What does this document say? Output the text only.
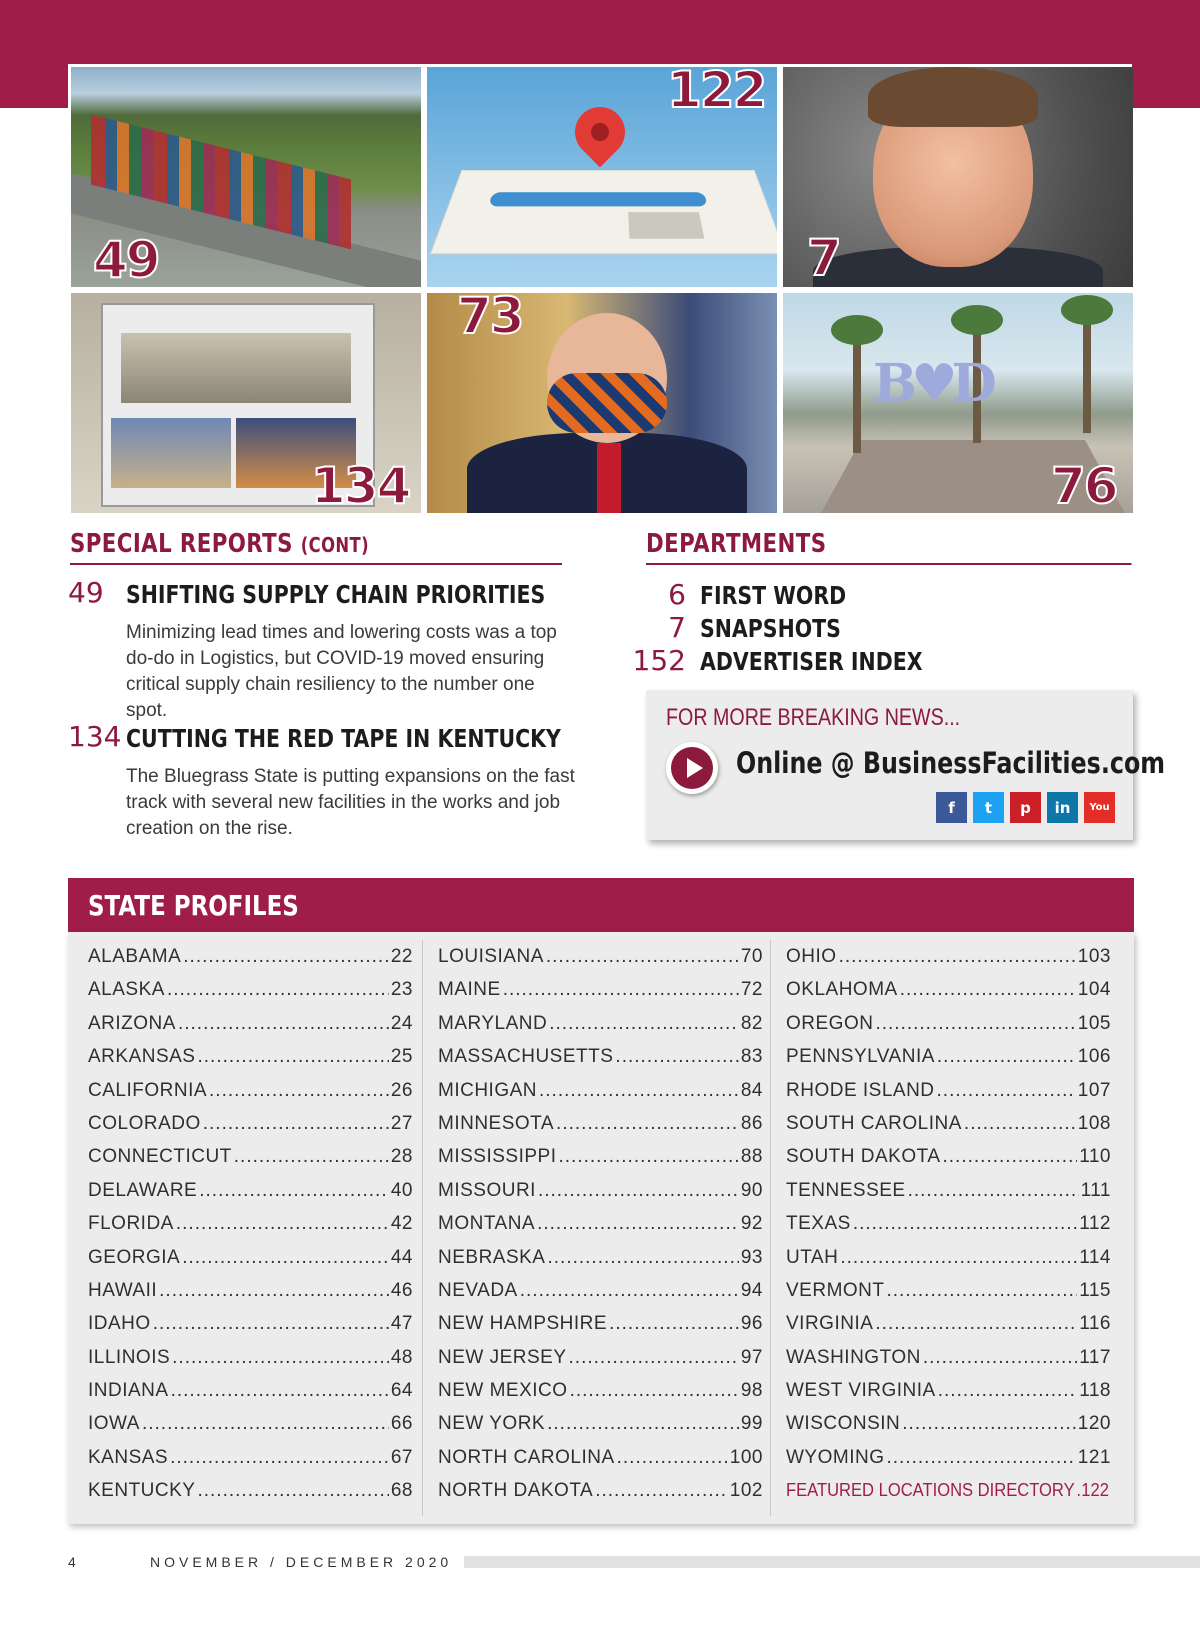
49
122
7
134
73
B♥D
76
SPECIAL REPORTS (CONT)
49 SHIFTING SUPPLY CHAIN PRIORITIES
Minimizing lead times and lowering costs was a top do-do in Logistics, but COVID-19 moved ensuring critical supply chain resiliency to the number one spot.
134 CUTTING THE RED TAPE IN KENTUCKY
The Bluegrass State is putting expansions on the fast track with several new facilities in the works and job creation on the rise.
DEPARTMENTS
6 FIRST WORD
7 SNAPSHOTS
152 ADVERTISER INDEX
FOR MORE BREAKING NEWS...
Online @ BusinessFacilities.com
f	t	p	in	You
STATE PROFILES
ALABAMA .....	22
ALASKA .....	23
ARIZONA .....	24
ARKANSAS .....	25
CALIFORNIA .....	26
COLORADO .....	27
CONNECTICUT .....	28
DELAWARE .....	40
FLORIDA .....	42
GEORGIA .....	44
HAWAII .....	46
IDAHO .....	47
ILLINOIS .....	48
INDIANA .....	64
IOWA .....	66
KANSAS .....	67
KENTUCKY .....	68
LOUISIANA .....	70
MAINE .....	72
MARYLAND .....	82
MASSACHUSETTS .....	83
MICHIGAN .....	84
MINNESOTA .....	86
MISSISSIPPI .....	88
MISSOURI .....	90
MONTANA .....	92
NEBRASKA .....	93
NEVADA .....	94
NEW HAMPSHIRE .....	96
NEW JERSEY .....	97
NEW MEXICO .....	98
NEW YORK .....	99
NORTH CAROLINA .....	100
NORTH DAKOTA .....	102
OHIO .....	103
OKLAHOMA .....	104
OREGON .....	105
PENNSYLVANIA .....	106
RHODE ISLAND .....	107
SOUTH CAROLINA .....	108
SOUTH DAKOTA .....	110
TENNESSEE .....	111
TEXAS .....	112
UTAH .....	114
VERMONT .....	115
VIRGINIA .....	116
WASHINGTON .....	117
WEST VIRGINIA .....	118
WISCONSIN .....	120
WYOMING .....	121
FEATURED LOCATIONS DIRECTORY ..... 122
4	NOVEMBER / DECEMBER 2020
